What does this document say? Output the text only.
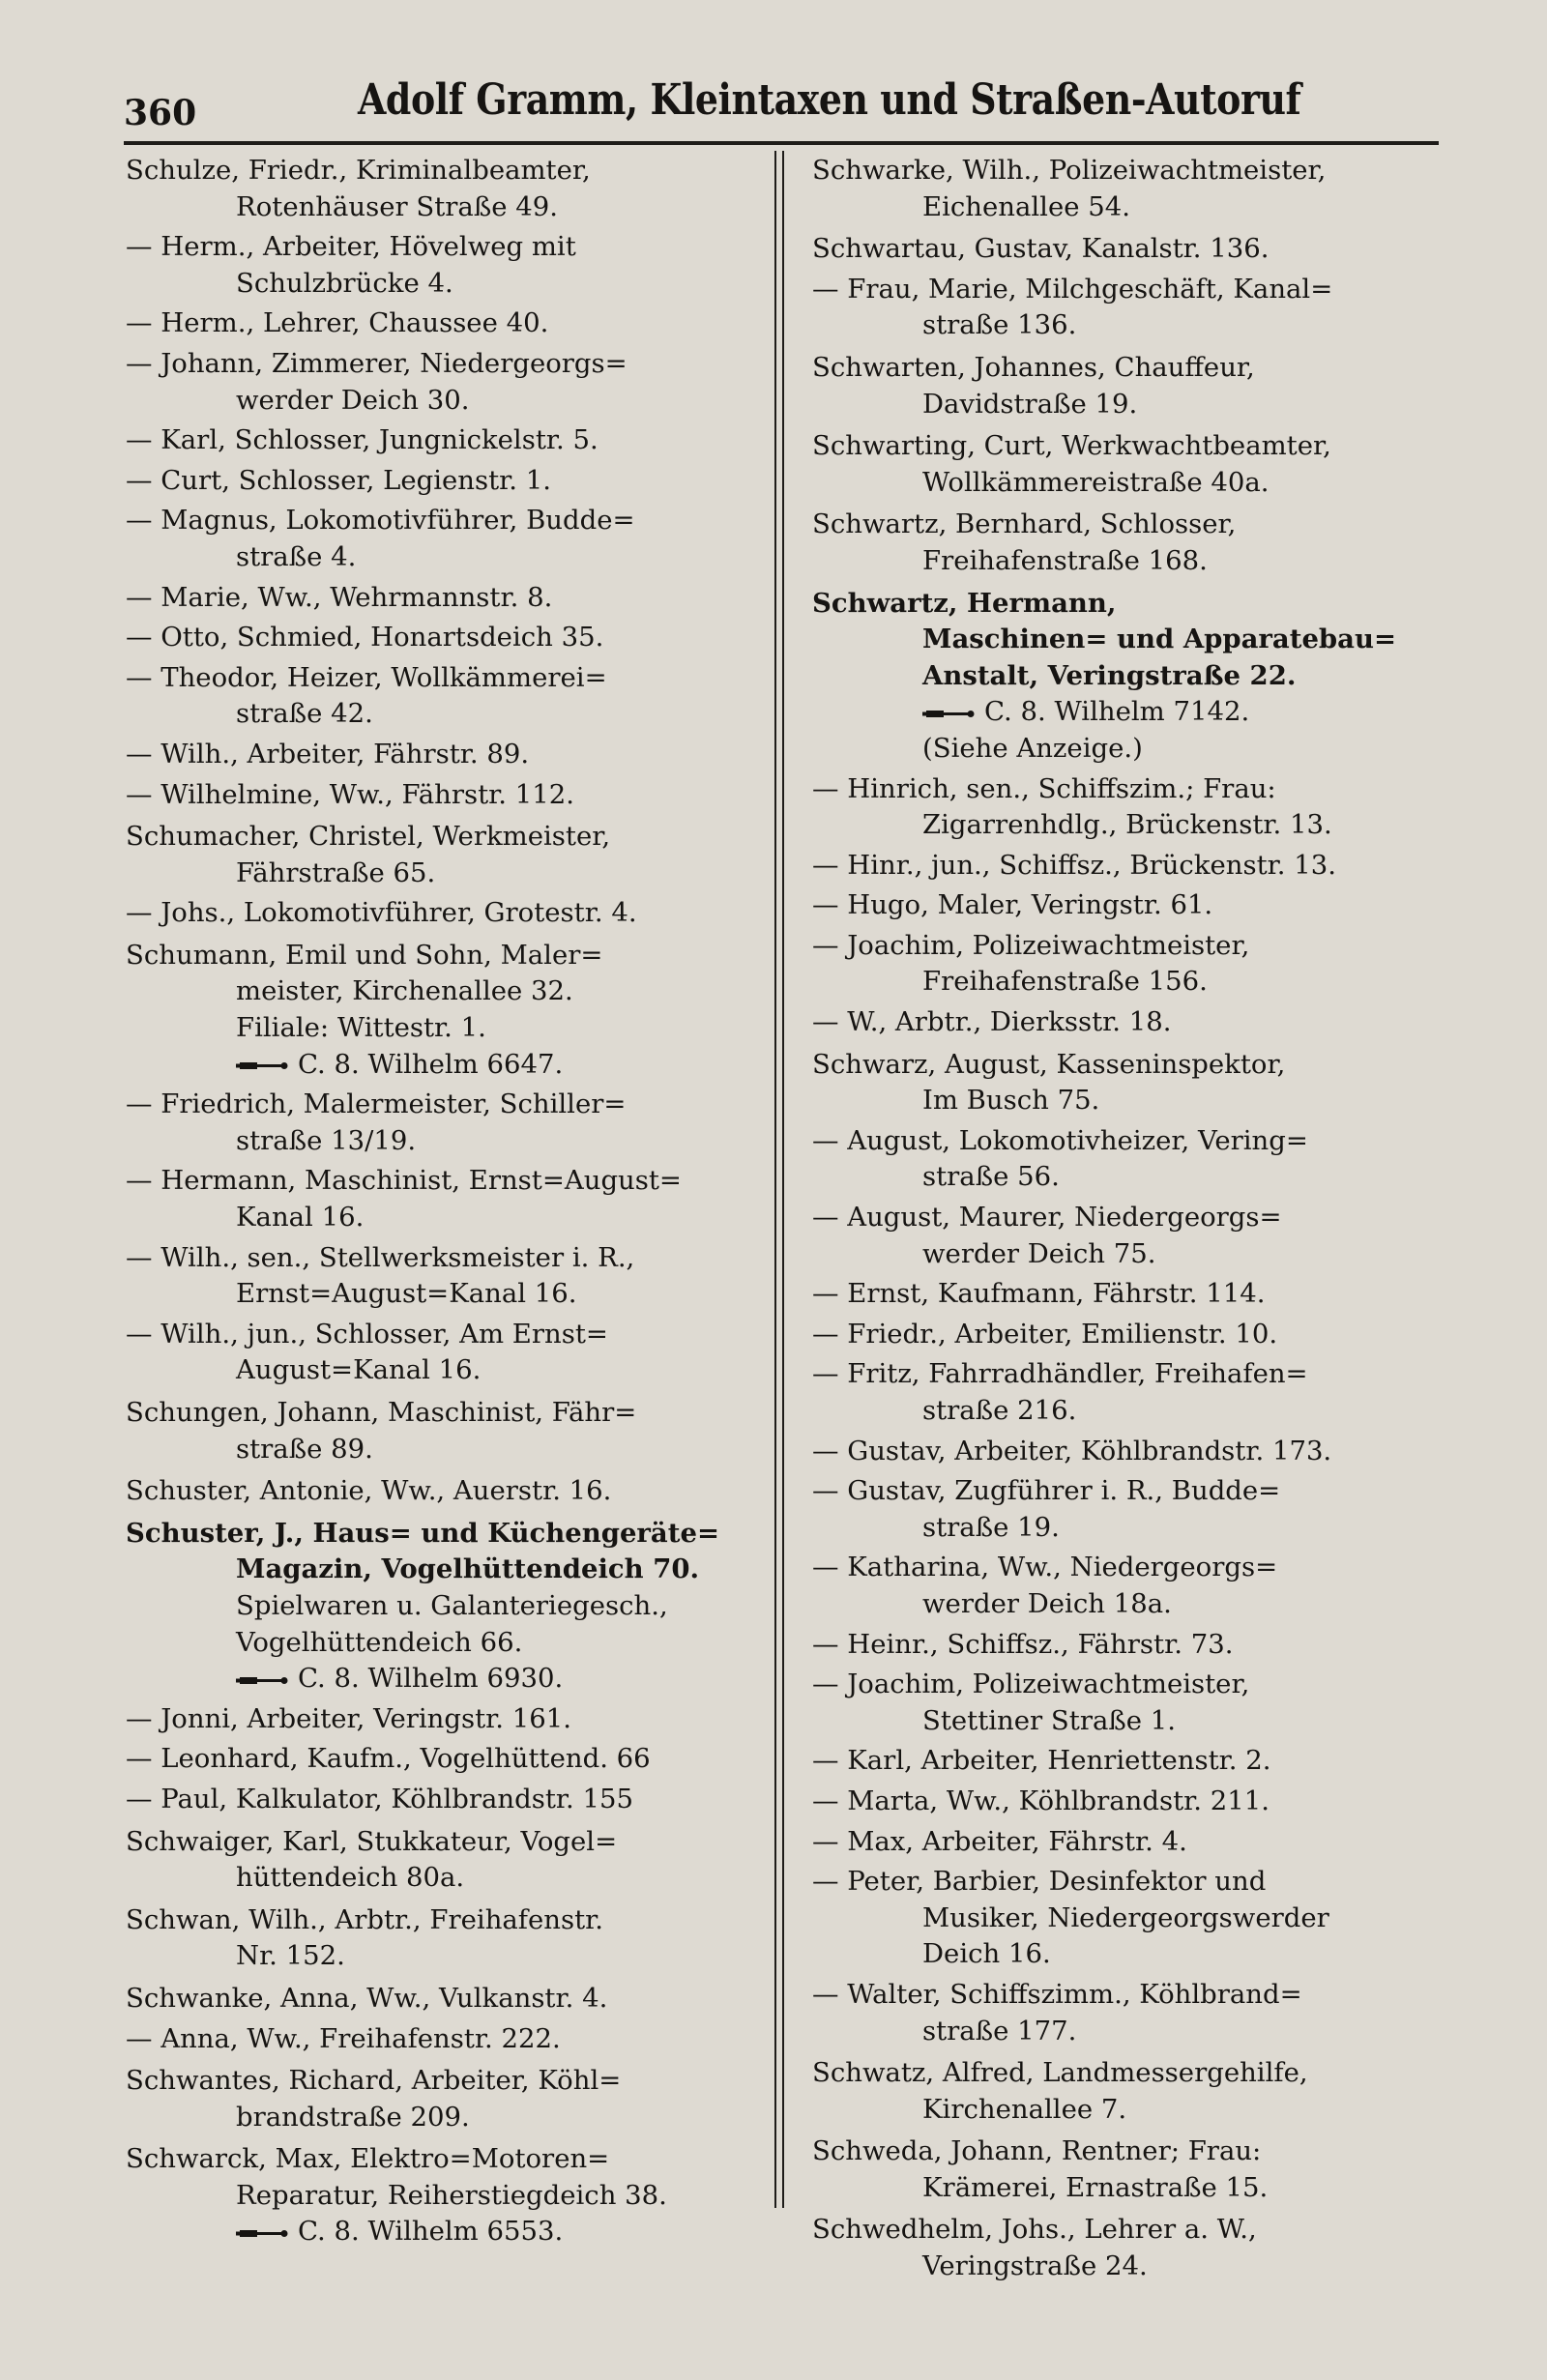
360	Adolf Gramm, Kleintaxen und Straßen-Autoruf
Schulze, Friedr., Kriminalbeamter,
Rotenhäuser Straße 49.
— Herm., Arbeiter, Hövelweg mit
Schulzbrücke 4.
— Herm., Lehrer, Chaussee 40.
— Johann, Zimmerer, Niedergeorgs=
werder Deich 30.
— Karl, Schlosser, Jungnickelstr. 5.
— Curt, Schlosser, Legienstr. 1.
— Magnus, Lokomotivführer, Budde=
straße 4.
— Marie, Ww., Wehrmannstr. 8.
— Otto, Schmied, Honartsdeich 35.
— Theodor, Heizer, Wollkämmerei=
straße 42.
— Wilh., Arbeiter, Fährstr. 89.
— Wilhelmine, Ww., Fährstr. 112.
Schumacher, Christel, Werkmeister,
Fährstraße 65.
— Johs., Lokomotivführer, Grotestr. 4.
Schumann, Emil und Sohn, Maler=
meister, Kirchenallee 32.
Filiale: Wittestr. 1.
C. 8. Wilhelm 6647.
— Friedrich, Malermeister, Schiller=
straße 13/19.
— Hermann, Maschinist, Ernst=August=
Kanal 16.
— Wilh., sen., Stellwerksmeister i. R.,
Ernst=August=Kanal 16.
— Wilh., jun., Schlosser, Am Ernst=
August=Kanal 16.
Schungen, Johann, Maschinist, Fähr=
straße 89.
Schuster, Antonie, Ww., Auerstr. 16.
Schuster, J., Haus= und Küchengeräte=
Magazin, Vogelhüttendeich 70.
Spielwaren u. Galanteriegesch.,
Vogelhüttendeich 66.
C. 8. Wilhelm 6930.
— Jonni, Arbeiter, Veringstr. 161.
— Leonhard, Kaufm., Vogelhüttend. 66
— Paul, Kalkulator, Köhlbrandstr. 155
Schwaiger, Karl, Stukkateur, Vogel=
hüttendeich 80a.
Schwan, Wilh., Arbtr., Freihafenstr.
Nr. 152.
Schwanke, Anna, Ww., Vulkanstr. 4.
— Anna, Ww., Freihafenstr. 222.
Schwantes, Richard, Arbeiter, Köhl=
brandstraße 209.
Schwarck, Max, Elektro=Motoren=
Reparatur, Reiherstiegdeich 38.
C. 8. Wilhelm 6553.
Schwarke, Wilh., Polizeiwachtmeister,
Eichenallee 54.
Schwartau, Gustav, Kanalstr. 136.
— Frau, Marie, Milchgeschäft, Kanal=
straße 136.
Schwarten, Johannes, Chauffeur,
Davidstraße 19.
Schwarting, Curt, Werkwachtbeamter,
Wollkämmereistraße 40a.
Schwartz, Bernhard, Schlosser,
Freihafenstraße 168.
Schwartz, Hermann,
Maschinen= und Apparatebau=
Anstalt, Veringstraße 22.
C. 8. Wilhelm 7142.
(Siehe Anzeige.)
— Hinrich, sen., Schiffszim.; Frau:
Zigarrenhdlg., Brückenstr. 13.
— Hinr., jun., Schiffsz., Brückenstr. 13.
— Hugo, Maler, Veringstr. 61.
— Joachim, Polizeiwachtmeister,
Freihafenstraße 156.
— W., Arbtr., Dierksstr. 18.
Schwarz, August, Kasseninspektor,
Im Busch 75.
— August, Lokomotivheizer, Vering=
straße 56.
— August, Maurer, Niedergeorgs=
werder Deich 75.
— Ernst, Kaufmann, Fährstr. 114.
— Friedr., Arbeiter, Emilienstr. 10.
— Fritz, Fahrradhändler, Freihafen=
straße 216.
— Gustav, Arbeiter, Köhlbrandstr. 173.
— Gustav, Zugführer i. R., Budde=
straße 19.
— Katharina, Ww., Niedergeorgs=
werder Deich 18a.
— Heinr., Schiffsz., Fährstr. 73.
— Joachim, Polizeiwachtmeister,
Stettiner Straße 1.
— Karl, Arbeiter, Henriettenstr. 2.
— Marta, Ww., Köhlbrandstr. 211.
— Max, Arbeiter, Fährstr. 4.
— Peter, Barbier, Desinfektor und
Musiker, Niedergeorgswerder
Deich 16.
— Walter, Schiffszimm., Köhlbrand=
straße 177.
Schwatz, Alfred, Landmessergehilfe,
Kirchenallee 7.
Schweda, Johann, Rentner; Frau:
Krämerei, Ernastraße 15.
Schwedhelm, Johs., Lehrer a. W.,
Veringstraße 24.
